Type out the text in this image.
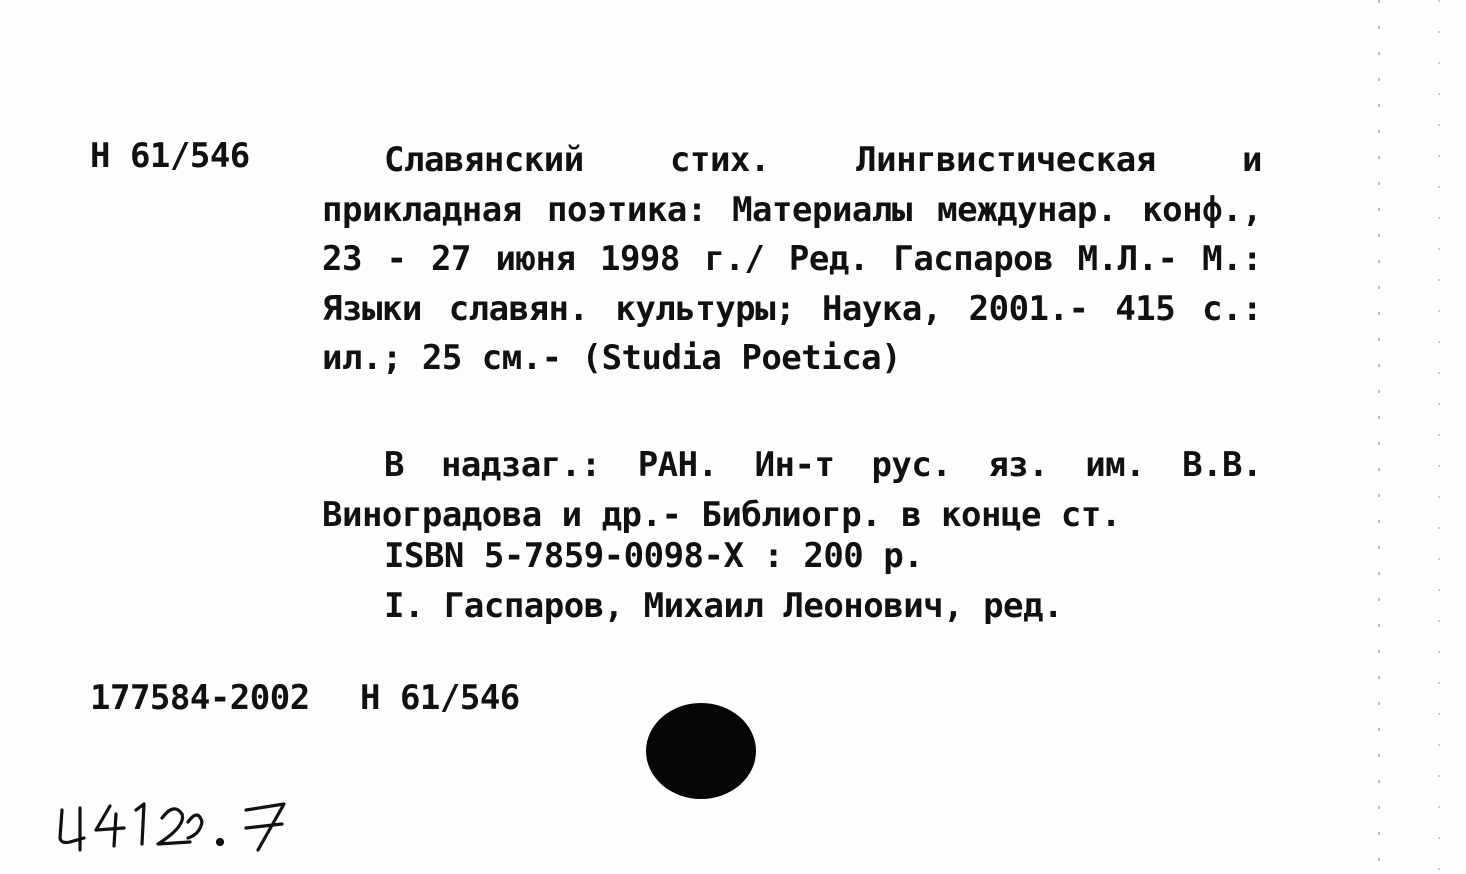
Н 61/546	Славянский стих. Лингвистическая и прикладная поэтика: Материалы междунар. конф., 23 - 27 июня 1998 г./ Ред. Гаспаров М.Л.- М.: Языки славян. культуры; Наука, 2001.- 415 с.: ил.; 25 см.- (Studia Poetica)
В надзаг.: РАН. Ин-т рус. яз. им. В.В. Виноградова и др.- Библиогр. в конце ст.
ISBN 5-7859-0098-X : 200 р.
I. Гаспаров, Михаил Леонович, ред.
177584-2002 Н 61/546
